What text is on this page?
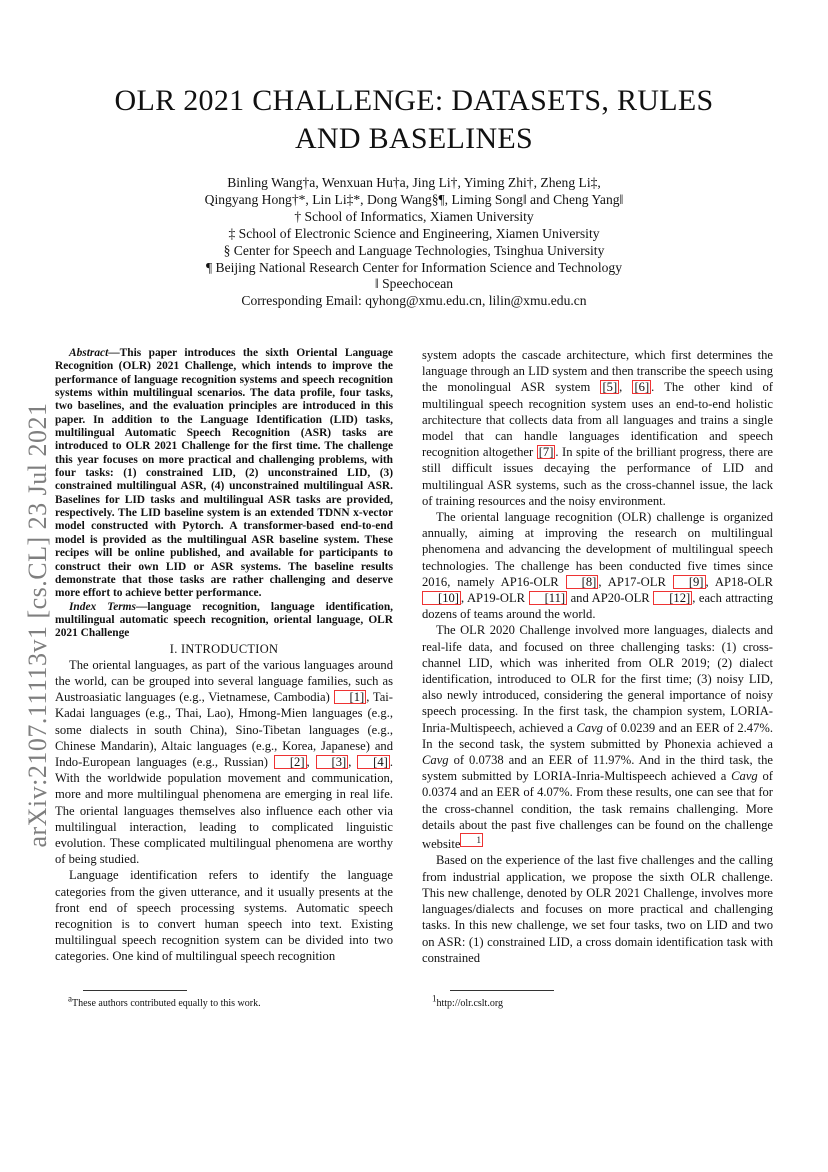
arXiv:2107.11113v1 [cs.CL] 23 Jul 2021
OLR 2021 CHALLENGE: DATASETS, RULES
AND BASELINES
Binling Wang†a, Wenxuan Hu†a, Jing Li†, Yiming Zhi†, Zheng Li‡,
Qingyang Hong†*, Lin Li‡*, Dong Wang§¶, Liming Song‖ and Cheng Yang‖
† School of Informatics, Xiamen University
‡ School of Electronic Science and Engineering, Xiamen University
§ Center for Speech and Language Technologies, Tsinghua University
¶ Beijing National Research Center for Information Science and Technology
‖ Speechocean
Corresponding Email: qyhong@xmu.edu.cn, lilin@xmu.edu.cn

Abstract—This paper introduces the sixth Oriental Language Recognition (OLR) 2021 Challenge, which intends to improve the performance of language recognition systems and speech recognition systems within multilingual scenarios. The data profile, four tasks, two baselines, and the evaluation principles are introduced in this paper. In addition to the Language Identification (LID) tasks, multilingual Automatic Speech Recognition (ASR) tasks are introduced to OLR 2021 Challenge for the first time. The challenge this year focuses on more practical and challenging problems, with four tasks: (1) constrained LID, (2) unconstrained LID, (3) constrained multilingual ASR, (4) unconstrained multilingual ASR. Baselines for LID tasks and multilingual ASR tasks are provided, respectively. The LID baseline system is an extended TDNN x-vector model constructed with Pytorch. A transformer-based end-to-end model is provided as the multilingual ASR baseline system. These recipes will be online published, and available for participants to construct their own LID or ASR systems. The baseline results demonstrate that those tasks are rather challenging and deserve more effort to achieve better performance.

Index Terms—language recognition, language identification, multilingual automatic speech recognition, oriental language, OLR 2021 Challenge

I. INTRODUCTION

The oriental languages, as part of the various languages around the world, can be grouped into several language families, such as Austroasiatic languages (e.g., Vietnamese, Cambodia) [1] , Tai-Kadai languages (e.g., Thai, Lao), Hmong-Mien languages (e.g., some dialects in south China), Sino-Tibetan languages (e.g., Chinese Mandarin), Altaic languages (e.g., Korea, Japanese) and Indo-European languages (e.g., Russian) [2] , [3] , [4] . With the worldwide population movement and communication, more and more multilingual phenomena are emerging in real life. The oriental languages themselves also influence each other via multilingual interaction, leading to complicated linguistic evolution. These complicated multilingual phenomena are worthy of being studied.

Language identification refers to identify the language categories from the given utterance, and it usually presents at the front end of speech processing systems. Automatic speech recognition is to convert human speech into text. Existing multilingual speech recognition system can be divided into two categories. One kind of multilingual speech recognition

system adopts the cascade architecture, which first determines the language through an LID system and then transcribe the speech using the monolingual ASR system [5] , [6] . The other kind of multilingual speech recognition system uses an end-to-end holistic architecture that collects data from all languages and trains a single model that can handle languages identification and speech recognition altogether [7] . In spite of the brilliant progress, there are still difficult issues decaying the performance of LID and multilingual ASR systems, such as the cross-channel issue, the lack of training resources and the noisy environment.

The oriental language recognition (OLR) challenge is organized annually, aiming at improving the research on multilingual phenomena and advancing the development of multilingual speech technologies. The challenge has been conducted five times since 2016, namely AP16-OLR [8] , AP17-OLR [9] , AP18-OLR [10] , AP19-OLR [11] and AP20-OLR [12] , each attracting dozens of teams around the world.

The OLR 2020 Challenge involved more languages, dialects and real-life data, and focused on three challenging tasks: (1) cross-channel LID, which was inherited from OLR 2019; (2) dialect identification, introduced to OLR for the first time; (3) noisy LID, also newly introduced, considering the general importance of noisy speech processing. In the first task, the champion system, LORIA-Inria-Multispeech, achieved a Cavg of 0.0239 and an EER of 2.47%. In the second task, the system submitted by Phonexia achieved a Cavg of 0.0738 and an EER of 11.97%. And in the third task, the system submitted by LORIA-Inria-Multispeech achieved a Cavg of 0.0374 and an EER of 4.07%. From these results, one can see that for the cross-channel condition, the task remains challenging. More details about the past five challenges can be found on the challenge website $^1$

Based on the experience of the last five challenges and the calling from industrial application, we propose the sixth OLR challenge. This new challenge, denoted by OLR 2021 Challenge, involves more languages/dialects and focuses on more practical and challenging tasks. In this new challenge, we set four tasks, two on LID and two on ASR: (1) constrained LID, a cross domain identification task with constrained

$^a$These authors contributed equally to this work.	$^1$http://olr.cslt.org
